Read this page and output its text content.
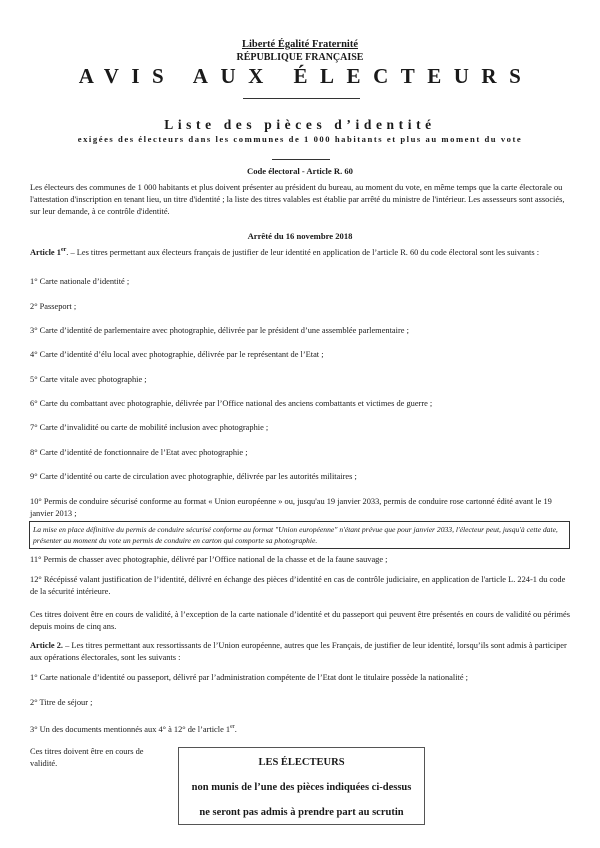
Liberté Égalité Fraternité
RÉPUBLIQUE FRANÇAISE
AVIS AUX ÉLECTEURS
Liste des pièces d’identité
exigées des électeurs dans les communes de 1 000 habitants et plus au moment du vote
Code électoral - Article R. 60
Les électeurs des communes de 1 000 habitants et plus doivent présenter au président du bureau, au moment du vote, en même temps que la carte électorale ou l'attestation d'inscription en tenant lieu, un titre d'identité ; la liste des titres valables est établie par arrêté du ministre de l'intérieur. Les assesseurs sont associés, sur leur demande, à ce contrôle d'identité.
Arrêté du 16 novembre 2018
Article 1er. – Les titres permettant aux électeurs français de justifier de leur identité en application de l’article R. 60 du code électoral sont les suivants :
1° Carte nationale d’identité ;
2° Passeport ;
3° Carte d’identité de parlementaire avec photographie, délivrée par le président d’une assemblée parlementaire ;
4° Carte d’identité d’élu local avec photographie, délivrée par le représentant de l’Etat ;
5° Carte vitale avec photographie ;
6° Carte du combattant avec photographie, délivrée par l’Office national des anciens combattants et victimes de guerre ;
7° Carte d’invalidité ou carte de mobilité inclusion avec photographie ;
8° Carte d’identité de fonctionnaire de l’Etat avec photographie ;
9° Carte d’identité ou carte de circulation avec photographie, délivrée par les autorités militaires ;
10° Permis de conduire sécurisé conforme au format « Union européenne » ou, jusqu'au 19 janvier 2033, permis de conduire rose cartonné édité avant le 19 janvier 2013 ;
La mise en place définitive du permis de conduire sécurisé conforme au format "Union européenne" n'étant prévue que pour janvier 2033, l'électeur peut, jusqu'à cette date, présenter au moment du vote un permis de conduire en carton qui comporte sa photographie.
11° Permis de chasser avec photographie, délivré par l’Office national de la chasse et de la faune sauvage ;
12° Récépissé valant justification de l’identité, délivré en échange des pièces d’identité en cas de contrôle judiciaire, en application de l'article L. 224-1 du code de la sécurité intérieure.
Ces titres doivent être en cours de validité, à l’exception de la carte nationale d’identité et du passeport qui peuvent être présentés en cours de validité ou périmés depuis moins de cinq ans.
Article 2. – Les titres permettant aux ressortissants de l’Union européenne, autres que les Français, de justifier de leur identité, lorsqu’ils sont admis à participer aux opérations électorales, sont les suivants :
1° Carte nationale d’identité ou passeport, délivré par l’administration compétente de l’Etat dont le titulaire possède la nationalité ;
2° Titre de séjour ;
3° Un des documents mentionnés aux 4° à 12° de l’article 1er.
Ces titres doivent être en cours de validité.	LES ÉLECTEURS
non munis de l’une des pièces indiquées ci-dessus
ne seront pas admis à prendre part au scrutin
